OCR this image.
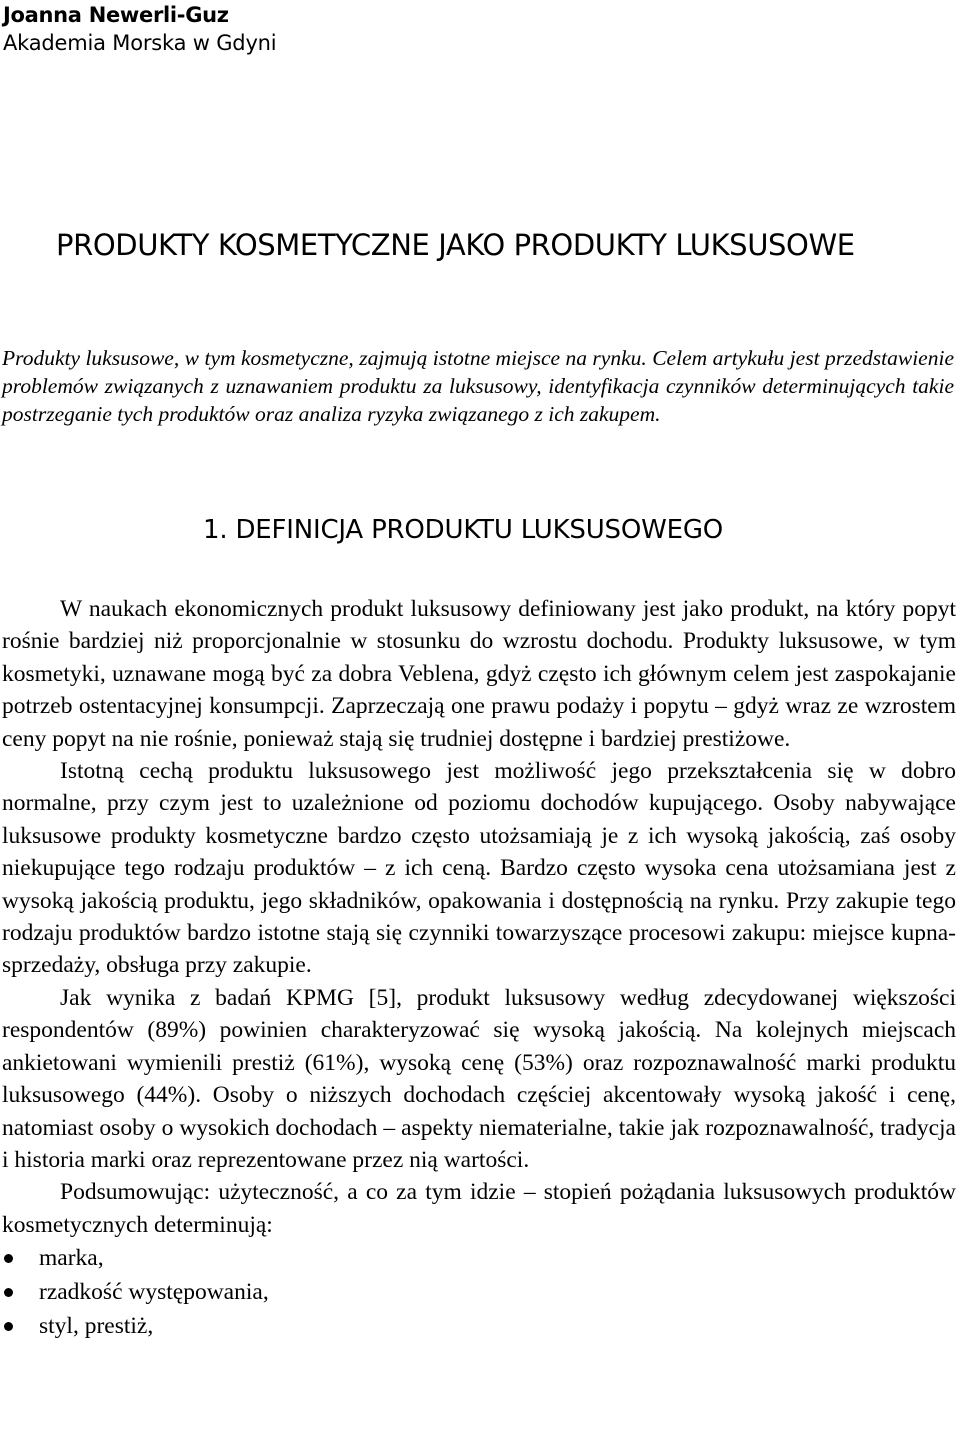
Joanna Newerli-Guz
Akademia Morska w Gdyni
PRODUKTY KOSMETYCZNE JAKO PRODUKTY LUKSUSOWE

Produkty luksusowe, w tym kosmetyczne, zajmują istotne miejsce na rynku. Celem artykułu jest przedstawienie problemów związanych z uznawaniem produktu za luksusowy, identyfikacja czynników determinujących takie postrzeganie tych produktów oraz analiza ryzyka związanego z ich zakupem.

1. DEFINICJA PRODUKTU LUKSUSOWEGO

W naukach ekonomicznych produkt luksusowy definiowany jest jako produkt, na który popyt rośnie bardziej niż proporcjonalnie w stosunku do wzrostu dochodu. Produkty luksusowe, w tym kosmetyki, uznawane mogą być za dobra Veblena, gdyż często ich głównym celem jest zaspokajanie potrzeb ostentacyjnej konsumpcji. Zaprzeczają one prawu podaży i popytu – gdyż wraz ze wzrostem ceny popyt na nie rośnie, ponieważ stają się trudniej dostępne i bardziej prestiżowe.

Istotną cechą produktu luksusowego jest możliwość jego przekształcenia się w dobro normalne, przy czym jest to uzależnione od poziomu dochodów kupującego. Osoby nabywające luksusowe produkty kosmetyczne bardzo często utożsamiają je z ich wysoką jakością, zaś osoby niekupujące tego rodzaju produktów – z ich ceną. Bardzo często wysoka cena utożsamiana jest z wysoką jakością produktu, jego składników, opakowania i dostępnością na rynku. Przy zakupie tego rodzaju produktów bardzo istotne stają się czynniki towarzyszące procesowi zakupu: miejsce kupna-sprzedaży, obsługa przy zakupie.

Jak wynika z badań KPMG [5], produkt luksusowy według zdecydowanej większości respondentów (89%) powinien charakteryzować się wysoką jakością. Na kolejnych miejscach ankietowani wymienili prestiż (61%), wysoką cenę (53%) oraz rozpoznawalność marki produktu luksusowego (44%). Osoby o niższych dochodach częściej akcentowały wysoką jakość i cenę, natomiast osoby o wysokich dochodach – aspekty niematerialne, takie jak rozpoznawalność, tradycja i historia marki oraz reprezentowane przez nią wartości.

Podsumowując: użyteczność, a co za tym idzie – stopień pożądania luksusowych produktów kosmetycznych determinują:

marka,
rzadkość występowania,
styl, prestiż,
